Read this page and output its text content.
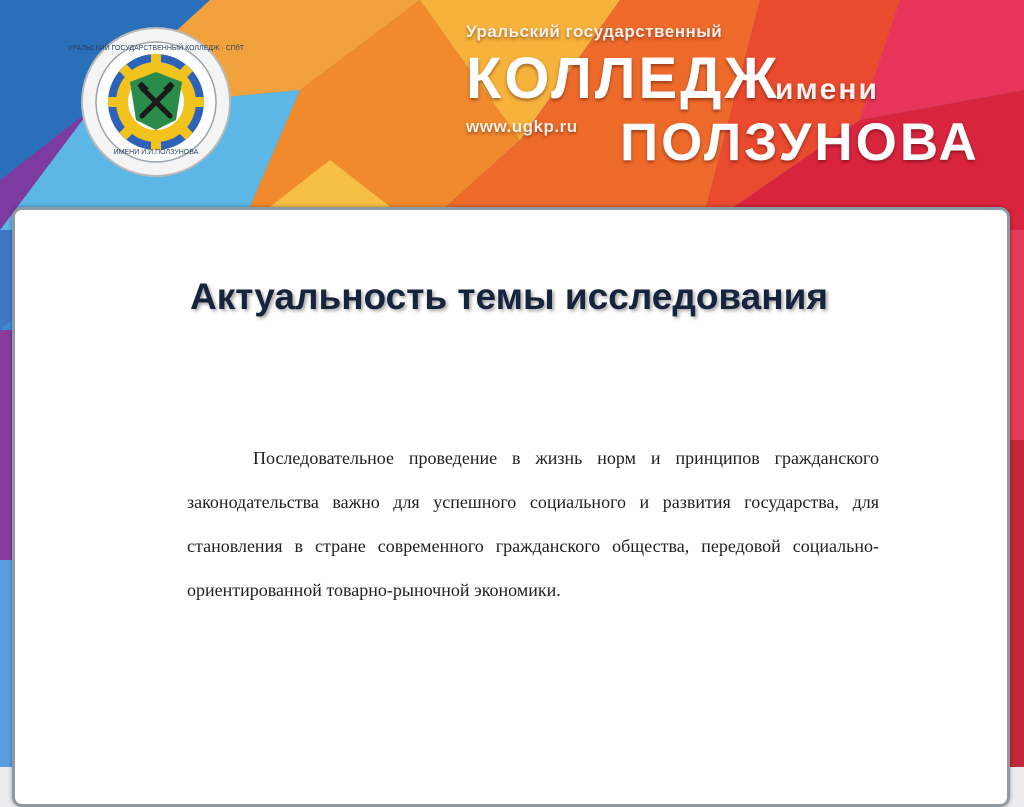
ИМЕНИ И.И.ПОЛЗУНОВА
УРАЛЬСКИЙ ГОСУДАРСТВЕННЫЙ КОЛЛЕДЖ · СПбТ
Уральский государственный
КОЛЛЕДЖ
имени
www.ugkp.ru ПОЛЗУНОВА
Актуальность темы исследования

Последовательное проведение в жизнь норм и принципов гражданского законодательства важно для успешного социального и развития государства, для становления в стране современного гражданского общества, передовой социально-ориентированной товарно-рыночной экономики.
